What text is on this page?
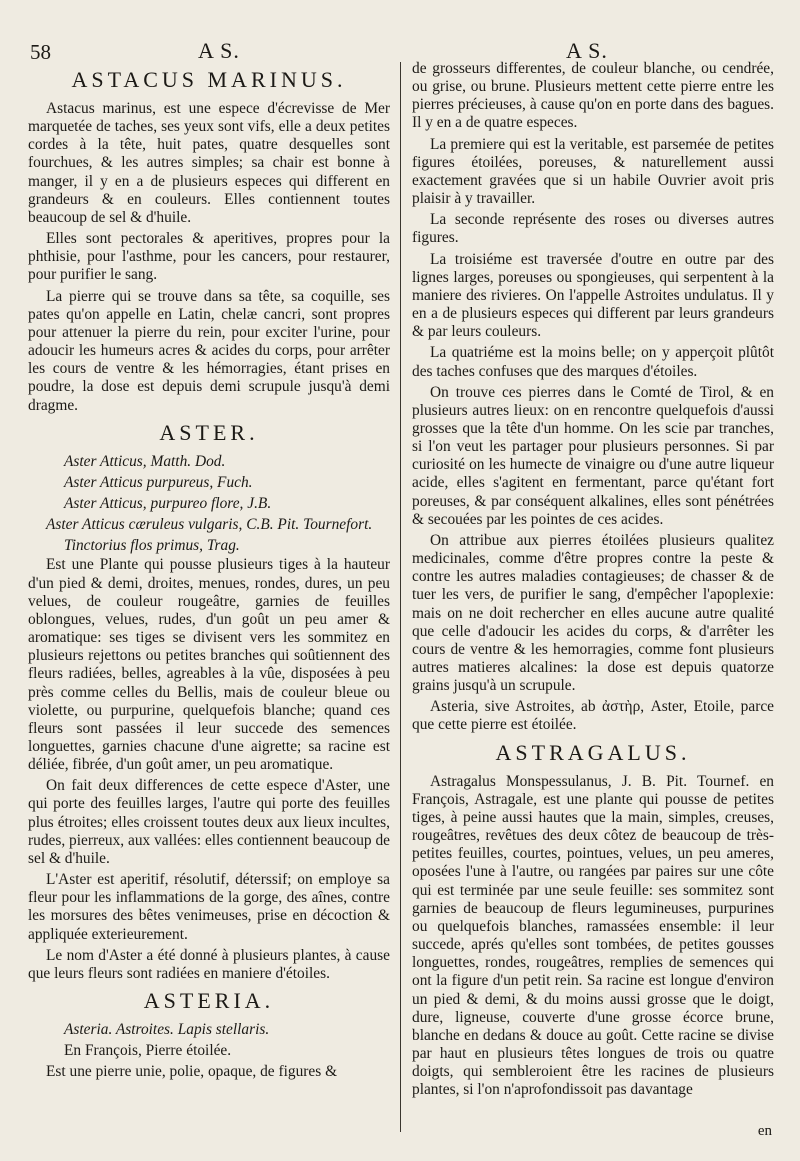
58	A S.	A S.

ASTACUS MARINUS.

Astacus marinus, est une espece d'écrevisse de Mer marquetée de taches, ses yeux sont vifs, elle a deux petites cordes à la tête, huit pates, quatre desquelles sont fourchues, & les autres simples; sa chair est bonne à manger, il y en a de plusieurs especes qui different en grandeurs & en couleurs. Elles contiennent toutes beaucoup de sel & d'huile.

Elles sont pectorales & aperitives, propres pour la phthisie, pour l'asthme, pour les cancers, pour restaurer, pour purifier le sang.

La pierre qui se trouve dans sa tête, sa coquille, ses pates qu'on appelle en Latin, chelæ cancri, sont propres pour attenuer la pierre du rein, pour exciter l'urine, pour adoucir les humeurs acres & acides du corps, pour arrêter les cours de ventre & les hémorragies, étant prises en poudre, la dose est depuis demi scrupule jusqu'à demi dragme.

ASTER.

Aster Atticus, Matth. Dod.

Aster Atticus purpureus, Fuch.

Aster Atticus, purpureo flore, J.B.

Aster Atticus cæruleus vulgaris, C.B. Pit. Tournefort.

Tinctorius flos primus, Trag.

Est une Plante qui pousse plusieurs tiges à la hauteur d'un pied & demi, droites, menues, rondes, dures, un peu velues, de couleur rougeâtre, garnies de feuilles oblongues, velues, rudes, d'un goût un peu amer & aromatique: ses tiges se divisent vers les sommitez en plusieurs rejettons ou petites branches qui soûtiennent des fleurs radiées, belles, agreables à la vûe, disposées à peu près comme celles du Bellis, mais de couleur bleue ou violette, ou purpurine, quelquefois blanche; quand ces fleurs sont passées il leur succede des semences longuettes, garnies chacune d'une aigrette; sa racine est déliée, fibrée, d'un goût amer, un peu aromatique.

On fait deux differences de cette espece d'Aster, une qui porte des feuilles larges, l'autre qui porte des feuilles plus étroites; elles croissent toutes deux aux lieux incultes, rudes, pierreux, aux vallées: elles contiennent beaucoup de sel & d'huile.

L'Aster est aperitif, résolutif, déterssif; on employe sa fleur pour les inflammations de la gorge, des aînes, contre les morsures des bêtes venimeuses, prise en décoction & appliquée exterieurement.

Le nom d'Aster a été donné à plusieurs plantes, à cause que leurs fleurs sont radiées en maniere d'étoiles.

ASTERIA.

Asteria. Astroites. Lapis stellaris.

En François, Pierre étoilée.

Est une pierre unie, polie, opaque, de figures &

de grosseurs differentes, de couleur blanche, ou cendrée, ou grise, ou brune. Plusieurs mettent cette pierre entre les pierres précieuses, à cause qu'on en porte dans des bagues. Il y en a de quatre especes.

La premiere qui est la veritable, est parsemée de petites figures étoilées, poreuses, & naturellement aussi exactement gravées que si un habile Ouvrier avoit pris plaisir à y travailler.

La seconde représente des roses ou diverses autres figures.

La troisiéme est traversée d'outre en outre par des lignes larges, poreuses ou spongieuses, qui serpentent à la maniere des rivieres. On l'appelle Astroites undulatus. Il y en a de plusieurs especes qui different par leurs grandeurs & par leurs couleurs.

La quatriéme est la moins belle; on y apperçoit plûtôt des taches confuses que des marques d'étoiles.

On trouve ces pierres dans le Comté de Tirol, & en plusieurs autres lieux: on en rencontre quelquefois d'aussi grosses que la tête d'un homme. On les scie par tranches, si l'on veut les partager pour plusieurs personnes. Si par curiosité on les humecte de vinaigre ou d'une autre liqueur acide, elles s'agitent en fermentant, parce qu'étant fort poreuses, & par conséquent alkalines, elles sont pénétrées & secouées par les pointes de ces acides.

On attribue aux pierres étoilées plusieurs qualitez medicinales, comme d'être propres contre la peste & contre les autres maladies contagieuses; de chasser & de tuer les vers, de purifier le sang, d'empêcher l'apoplexie: mais on ne doit rechercher en elles aucune autre qualité que celle d'adoucir les acides du corps, & d'arrêter les cours de ventre & les hemorragies, comme font plusieurs autres matieres alcalines: la dose est depuis quatorze grains jusqu'à un scrupule.

Asteria, sive Astroites, ab ἀστὴρ, Aster, Etoile, parce que cette pierre est étoilée.

ASTRAGALUS.

Astragalus Monspessulanus, J. B. Pit. Tournef. en François, Astragale, est une plante qui pousse de petites tiges, à peine aussi hautes que la main, simples, creuses, rougeâtres, revêtues des deux côtez de beaucoup de très-petites feuilles, courtes, pointues, velues, un peu ameres, oposées l'une à l'autre, ou rangées par paires sur une côte qui est terminée par une seule feuille: ses sommitez sont garnies de beaucoup de fleurs legumineuses, purpurines ou quelquefois blanches, ramassées ensemble: il leur succede, aprés qu'elles sont tombées, de petites gousses longuettes, rondes, rougeâtres, remplies de semences qui ont la figure d'un petit rein. Sa racine est longue d'environ un pied & demi, & du moins aussi grosse que le doigt, dure, ligneuse, couverte d'une grosse écorce brune, blanche en dedans & douce au goût. Cette racine se divise par haut en plusieurs têtes longues de trois ou quatre doigts, qui sembleroient être les racines de plusieurs plantes, si l'on n'aprofondissoit pas davantage

en
